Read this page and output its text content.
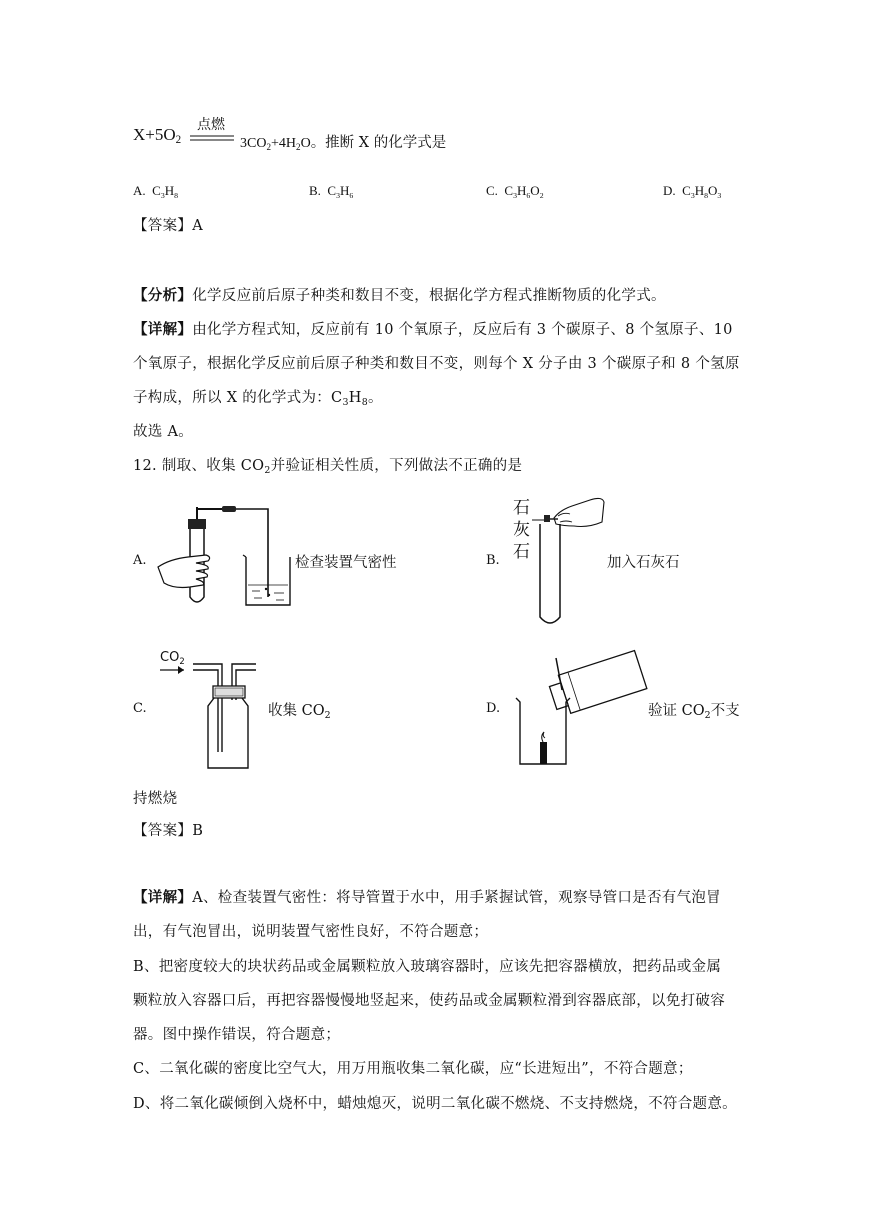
$X+5O_2$
点燃
$3CO_2+4H_2O$。推断 X 的化学式是
A. $C_3H_8$	B. $C_3H_6$	C. $C_3H_6O_2$	D. $C_3H_8O_3$
【答案】A
【分析】化学反应前后原子种类和数目不变，根据化学方程式推断物质的化学式。
【详解】由化学方程式知，反应前有 10 个氧原子，反应后有 3 个碳原子、8 个氢原子、10
个氧原子，根据化学反应前后原子种类和数目不变，则每个 X 分子由 3 个碳原子和 8 个氢原
子构成，所以 X 的化学式为：$C_3H_8$。
故选 A。
12. 制取、收集 $CO_2$并验证相关性质，下列做法不正确的是
A.	检查装置气密性	B.
石
灰
石
加入石灰石
C.
$CO_2$
收集 $CO_2$	D.	验证 $CO_2$不支
持燃烧
【答案】B
【详解】A、检查装置气密性：将导管置于水中，用手紧握试管，观察导管口是否有气泡冒
出，有气泡冒出，说明装置气密性良好，不符合题意；
B、把密度较大的块状药品或金属颗粒放入玻璃容器时，应该先把容器横放，把药品或金属
颗粒放入容器口后，再把容器慢慢地竖起来，使药品或金属颗粒滑到容器底部，以免打破容
器。图中操作错误，符合题意；
C、二氧化碳的密度比空气大，用万用瓶收集二氧化碳，应“长进短出”，不符合题意；
D、将二氧化碳倾倒入烧杯中，蜡烛熄灭，说明二氧化碳不燃烧、不支持燃烧，不符合题意。
